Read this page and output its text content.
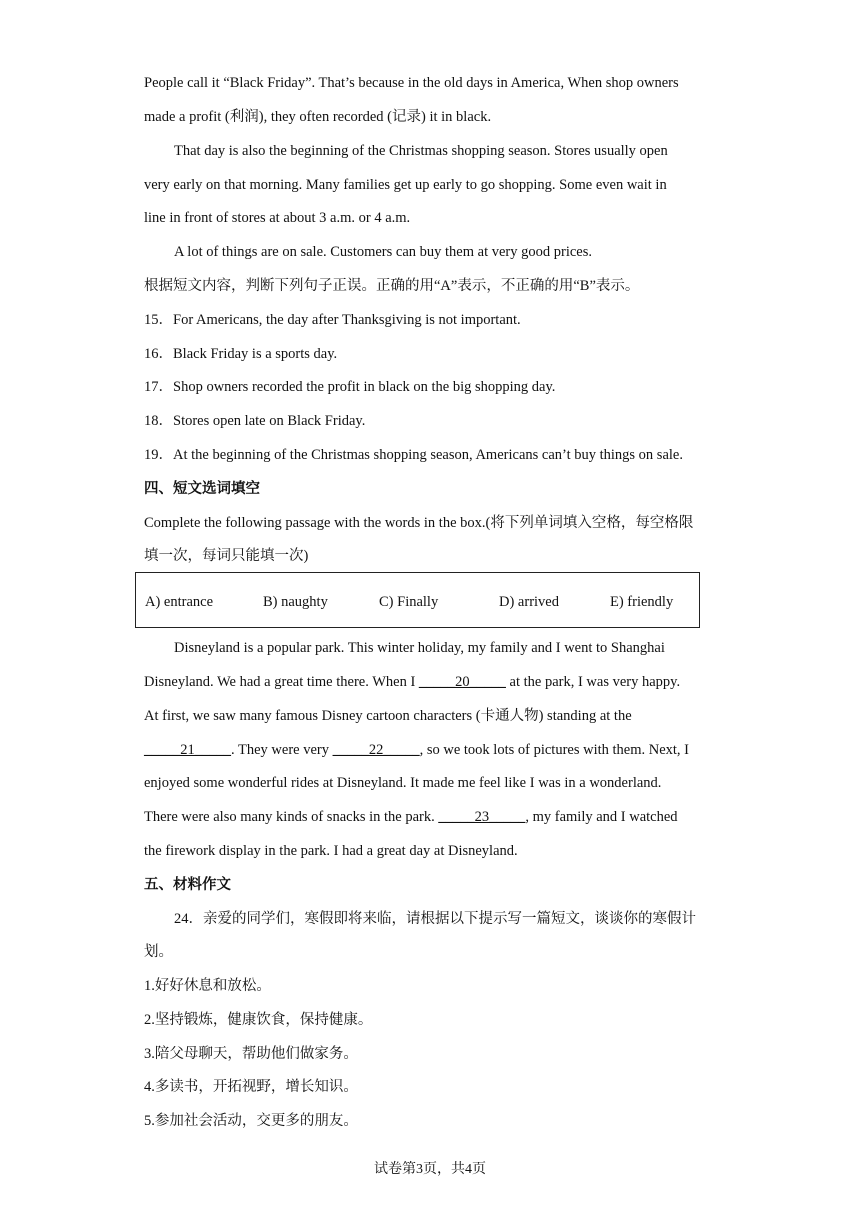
People call it “Black Friday”. That’s because in the old days in America, When shop owners
made a profit (利润), they often recorded (记录) it in black.
That day is also the beginning of the Christmas shopping season. Stores usually open
very early on that morning. Many families get up early to go shopping. Some even wait in
line in front of stores at about 3 a.m. or 4 a.m.
A lot of things are on sale. Customers can buy them at very good prices.
根据短文内容，判断下列句子正误。正确的用“A”表示，不正确的用“B”表示。
15．For Americans, the day after Thanksgiving is not important.
16．Black Friday is a sports day.
17．Shop owners recorded the profit in black on the big shopping day.
18．Stores open late on Black Friday.
19．At the beginning of the Christmas shopping season, Americans can’t buy things on sale.
四、短文选词填空
Complete the following passage with the words in the box.(将下列单词填入空格，每空格限
填一次，每词只能填一次)
A) entrance	B) naughty	C) Finally	D) arrived	E) friendly
Disneyland is a popular park. This winter holiday, my family and I went to Shanghai
Disneyland. We had a great time there. When I _____20_____ at the park, I was very happy.
At first, we saw many famous Disney cartoon characters (卡通人物) standing at the
_____21_____. They were very _____22_____, so we took lots of pictures with them. Next, I
enjoyed some wonderful rides at Disneyland. It made me feel like I was in a wonderland.
There were also many kinds of snacks in the park. _____23_____, my family and I watched
the firework display in the park. I had a great day at Disneyland.
五、材料作文
24．亲爱的同学们，寒假即将来临，请根据以下提示写一篇短文，谈谈你的寒假计
划。
1.好好休息和放松。
2.坚持锻炼，健康饮食，保持健康。
3.陪父母聊天，帮助他们做家务。
4.多读书，开拓视野，增长知识。
5.参加社会活动，交更多的朋友。
试卷第3页，共4页
